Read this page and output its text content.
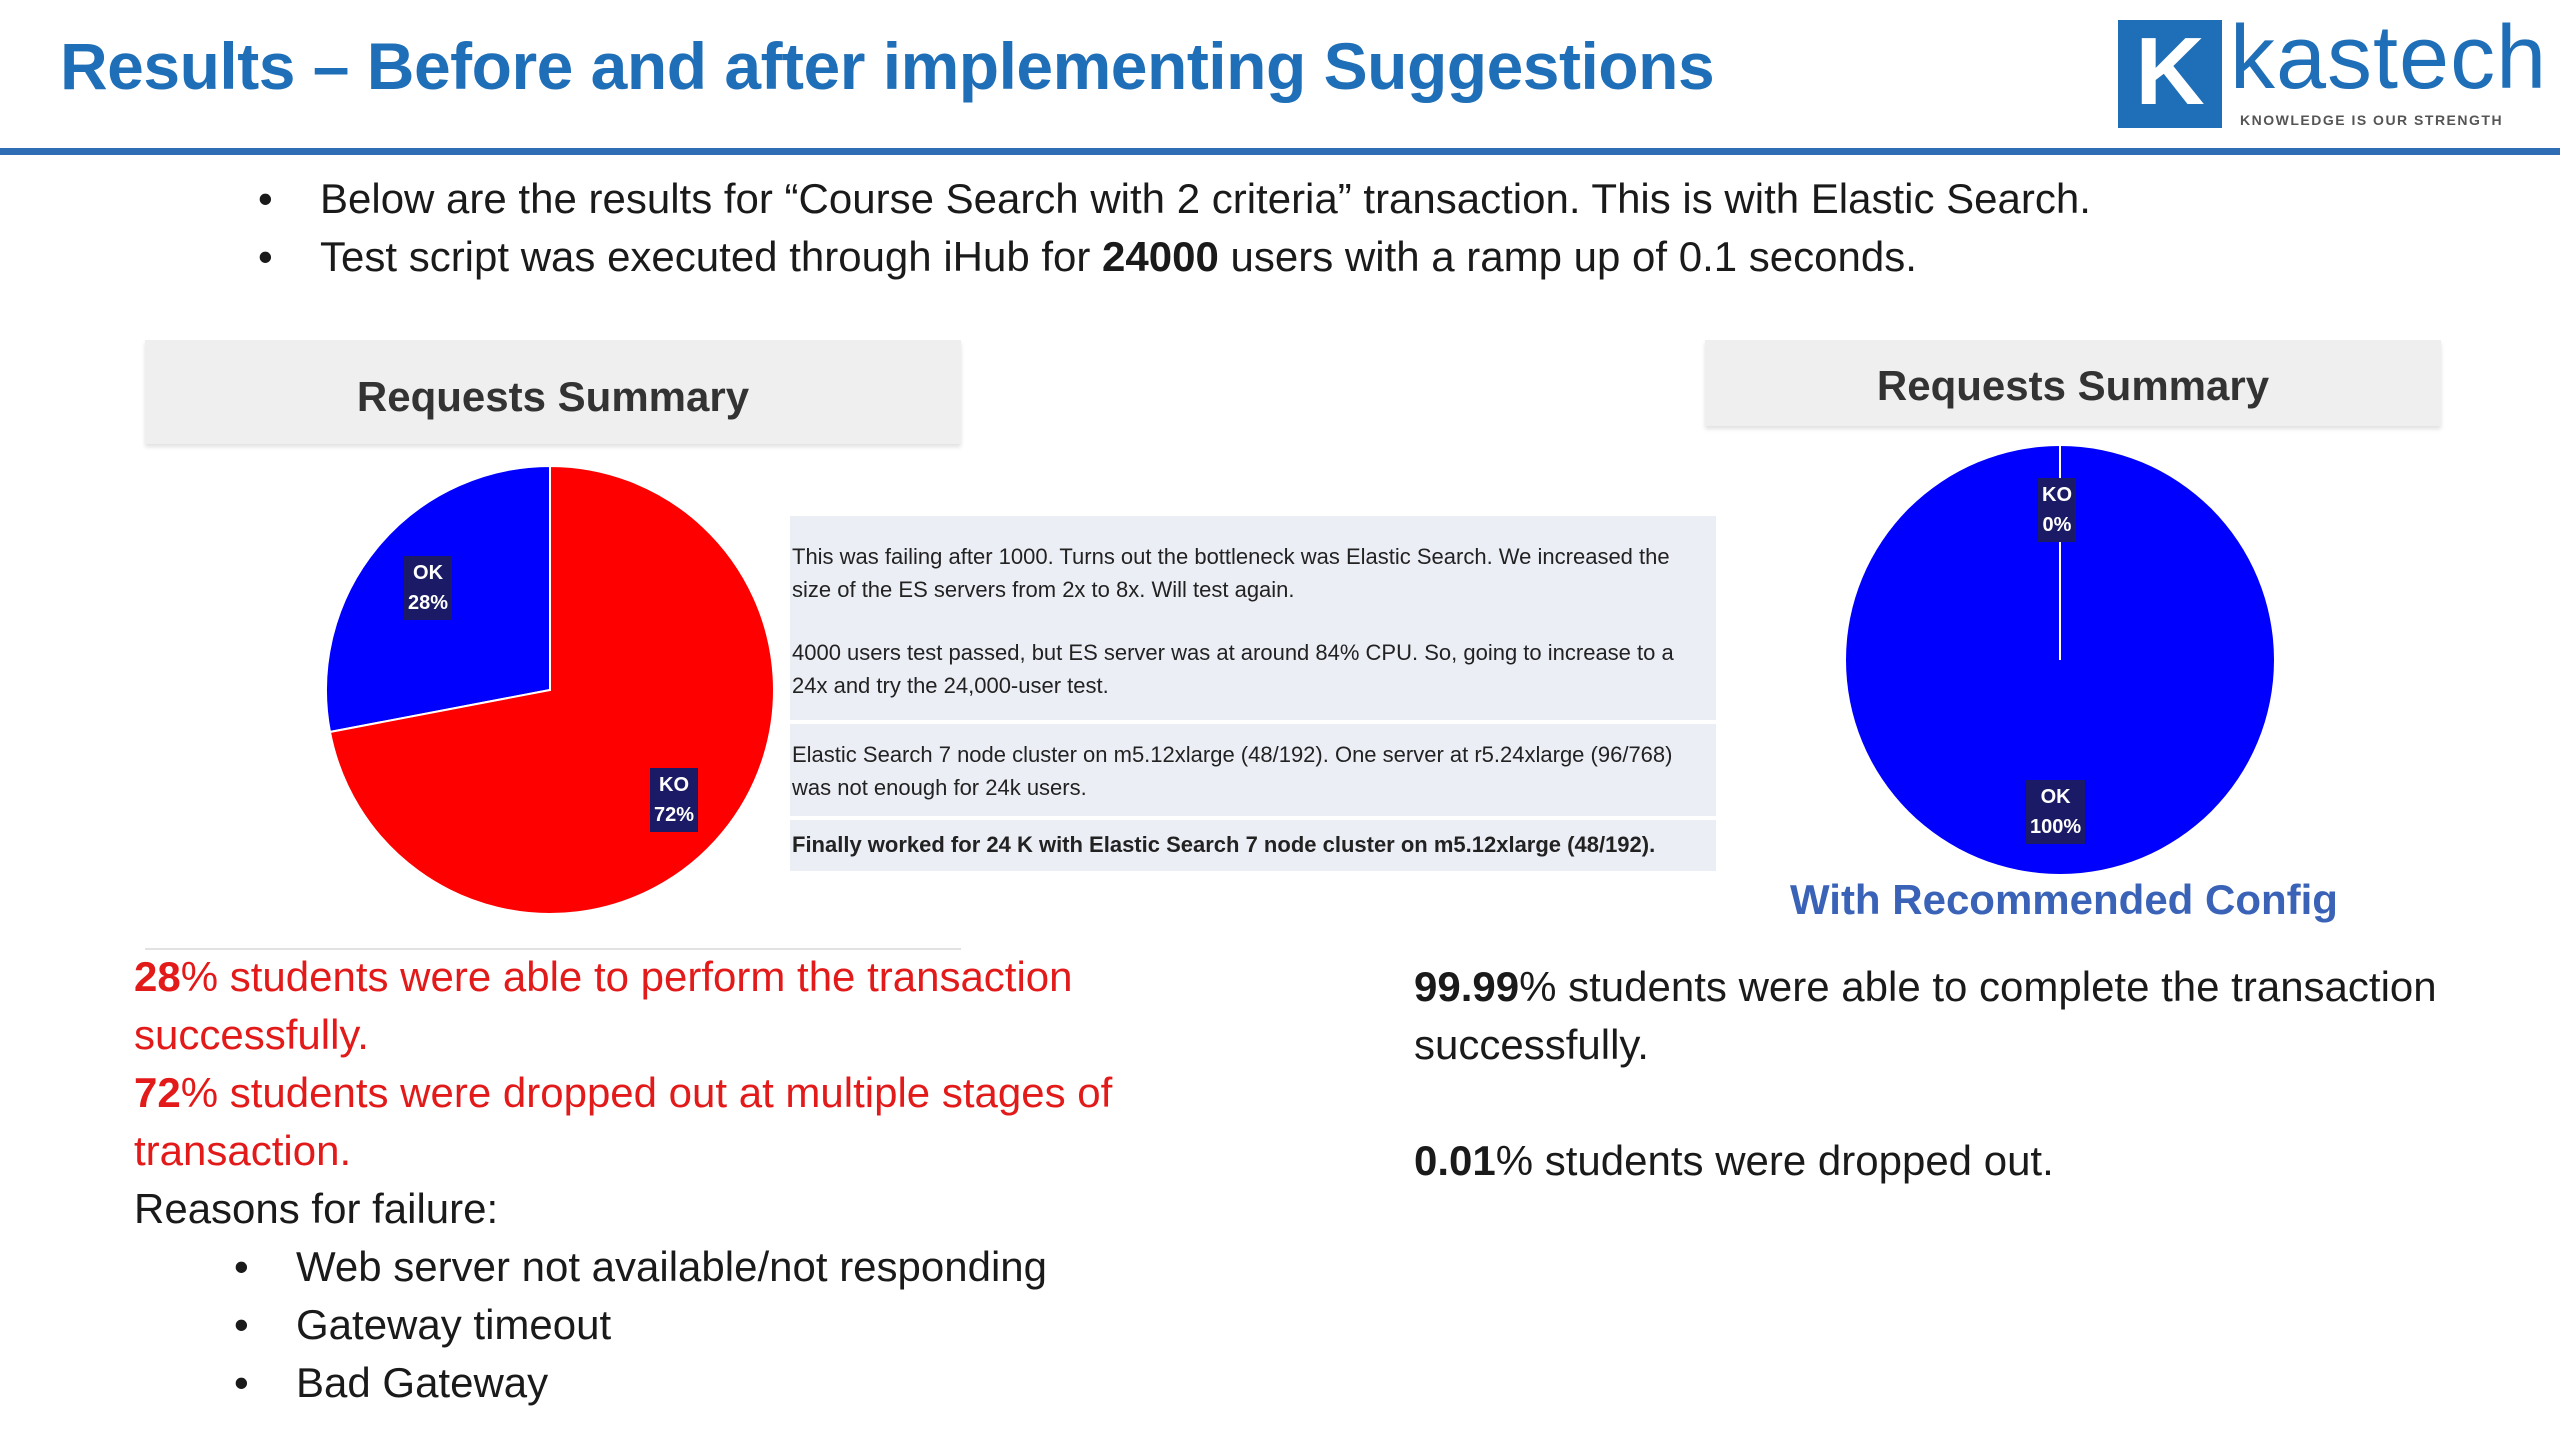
Results – Before and after implementing Suggestions	K kastech
KNOWLEDGE IS OUR STRENGTH
• Below are the results for “Course Search with 2 criteria” transaction. This is with Elastic Search.
• Test script was executed through iHub for 24000 users with a ramp up of 0.1 seconds.
Requests Summary	Requests Summary
OK
28%
KO
72%
KO
0%
OK
100%

This was failing after 1000. Turns out the bottleneck was Elastic Search. We increased the size of the ES servers from 2x to 8x. Will test again.

4000 users test passed, but ES server was at around 84% CPU. So, going to increase to a 24x and try the 24,000-user test.

Elastic Search 7 node cluster on m5.12xlarge (48/192). One server at r5.24xlarge (96/768) was not enough for 24k users.

Finally worked for 24 K with Elastic Search 7 node cluster on m5.12xlarge (48/192).

With Recommended Config
28% students were able to perform the transaction successfully.
72% students were dropped out at multiple stages of transaction.
Reasons for failure:
• Web server not available/not responding
• Gateway timeout
• Bad Gateway

99.99% students were able to complete the transaction successfully.

0.01% students were dropped out.
